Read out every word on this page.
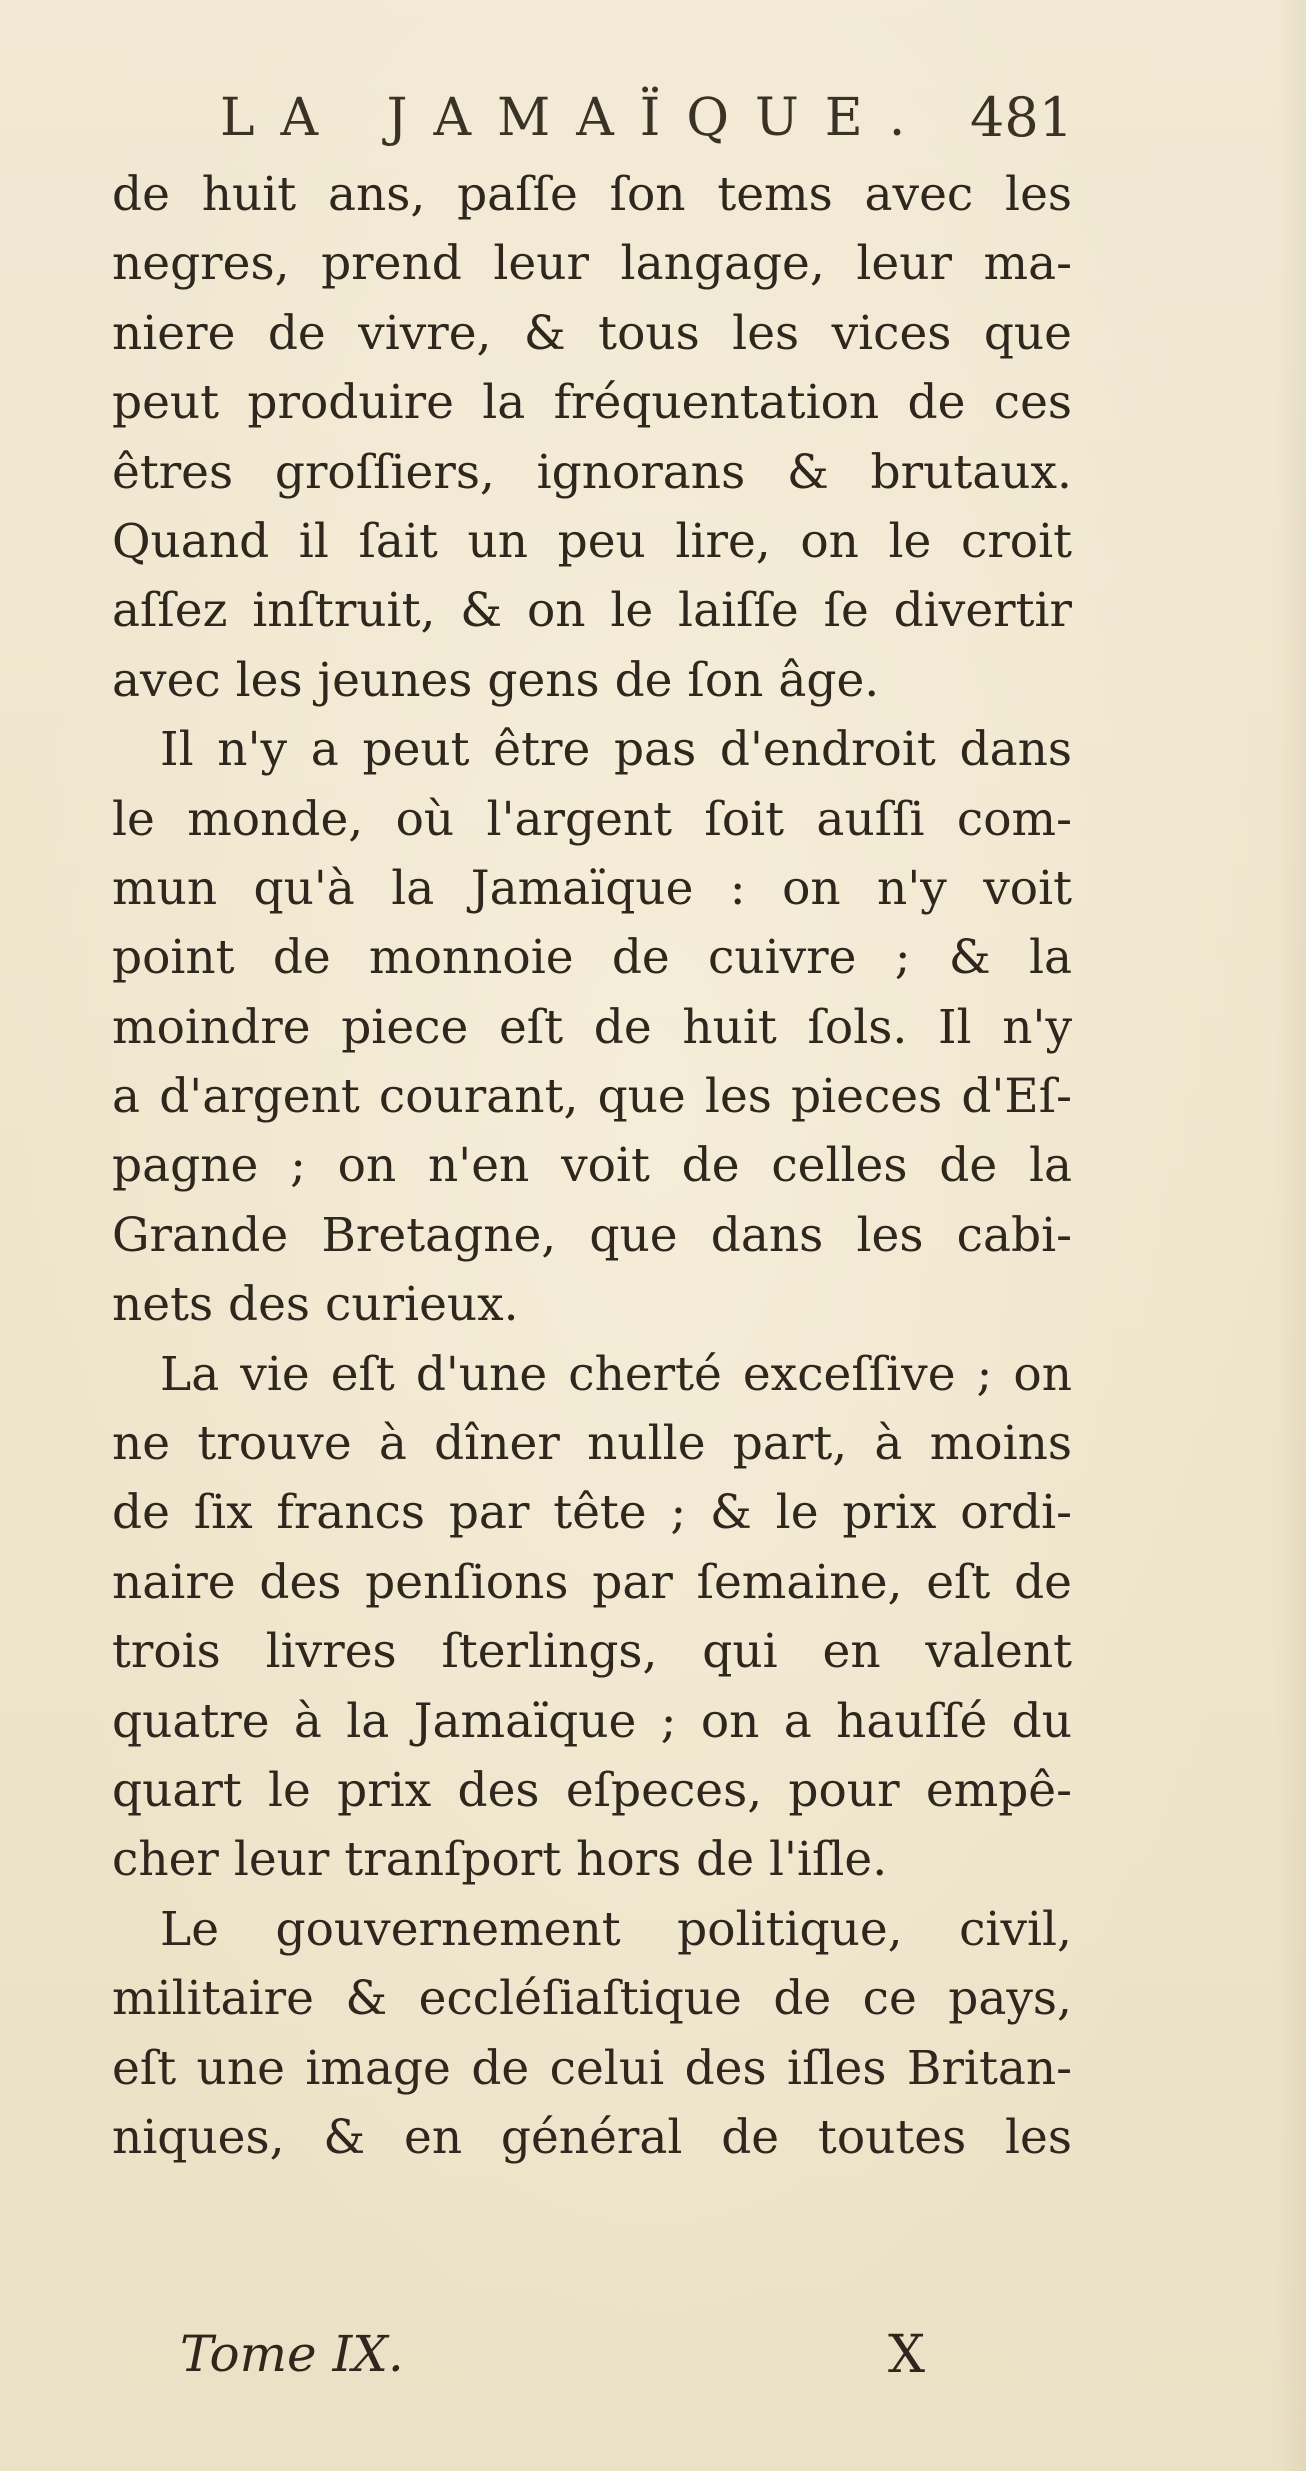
LA JAMAÏQUE. 481
de huit ans, paſſe ſon tems avec les
negres, prend leur langage, leur ma-
niere de vivre, & tous les vices que
peut produire la fréquentation de ces
êtres groſſiers, ignorans & brutaux.
Quand il ſait un peu lire, on le croit
aſſez inſtruit, & on le laiſſe ſe divertir
avec les jeunes gens de ſon âge.
Il n'y a peut être pas d'endroit dans
le monde, où l'argent ſoit auſſi com-
mun qu'à la Jamaïque : on n'y voit
point de monnoie de cuivre ; & la
moindre piece eſt de huit ſols. Il n'y
a d'argent courant, que les pieces d'Eſ-
pagne ; on n'en voit de celles de la
Grande Bretagne, que dans les cabi-
nets des curieux.
La vie eſt d'une cherté exceſſive ; on
ne trouve à dîner nulle part, à moins
de ſix francs par tête ; & le prix ordi-
naire des penſions par ſemaine, eſt de
trois livres ſterlings, qui en valent
quatre à la Jamaïque ; on a hauſſé du
quart le prix des eſpeces, pour empê-
cher leur tranſport hors de l'iſle.
Le gouvernement politique, civil,
militaire & eccléſiaſtique de ce pays,
eſt une image de celui des iſles Britan-
niques, & en général de toutes les
Tome IX.	X
